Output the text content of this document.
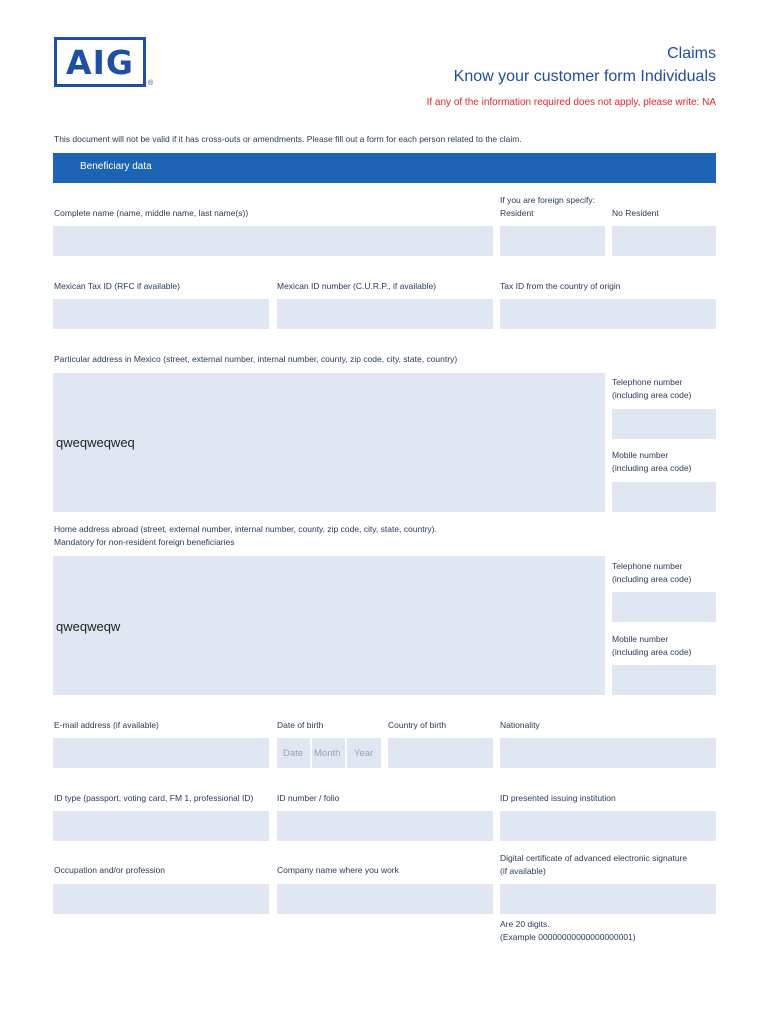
AIG
®
Claims
Know your customer form Individuals
If any of the information required does not apply, please write: NA
This document will not be valid if it has cross-outs or amendments. Please fill out a form for each person related to the claim.
Beneficiary data
Complete name (name, middle name, last name(s))
If you are foreign specify:
Resident	No Resident
Mexican Tax ID (RFC if available)	Mexican ID number (C.U.R.P., if available)	Tax ID from the country of origin
Particular address in Mexico (street, external number, internal number, county, zip code, city, state, country)
qweqweqweq
Telephone number
(including area code)
Mobile number
(including area code)
Home address abroad (street, external number, internal number, county, zip code, city, state, country).
Mandatory for non-resident foreign beneficiaries
qweqweqw
Telephone number
(including area code)
Mobile number
(including area code)
E-mail address (if available)	Date of birth	Country of birth	Nationality
Date Month Year
ID type (passport, voting card, FM 1, professional ID)	ID number / folio	ID presented issuing institution
Occupation and/or profession	Company name where you work
Digital certificate of advanced electronic signature
(if available)
Are 20 digits.
(Example 00000000000000000001)
